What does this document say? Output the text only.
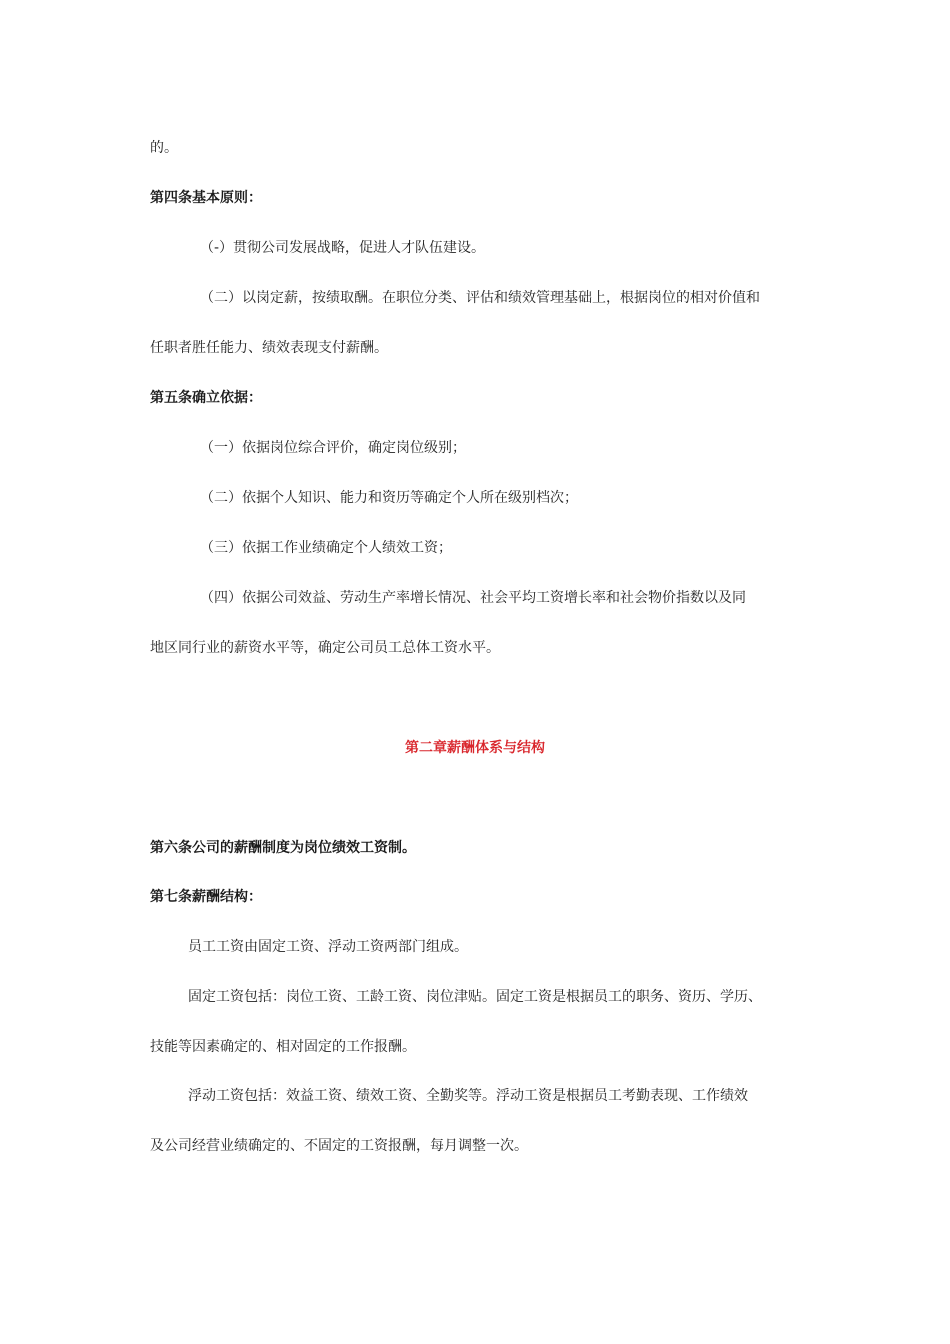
的。
第四条基本原则：
（-）贯彻公司发展战略，促进人才队伍建设。
（二）以岗定薪，按绩取酬。在职位分类、评估和绩效管理基础上，根据岗位的相对价值和
任职者胜任能力、绩效表现支付薪酬。
第五条确立依据：
（一）依据岗位综合评价，确定岗位级别；
（二）依据个人知识、能力和资历等确定个人所在级别档次；
（三）依据工作业绩确定个人绩效工资；
（四）依据公司效益、劳动生产率增长情况、社会平均工资增长率和社会物价指数以及同
地区同行业的薪资水平等，确定公司员工总体工资水平。
第二章薪酬体系与结构
第六条公司的薪酬制度为岗位绩效工资制。
第七条薪酬结构：
员工工资由固定工资、浮动工资两部门组成。
固定工资包括：岗位工资、工龄工资、岗位津贴。固定工资是根据员工的职务、资历、学历、
技能等因素确定的、相对固定的工作报酬。
浮动工资包括：效益工资、绩效工资、全勤奖等。浮动工资是根据员工考勤表现、工作绩效
及公司经营业绩确定的、不固定的工资报酬，每月调整一次。
